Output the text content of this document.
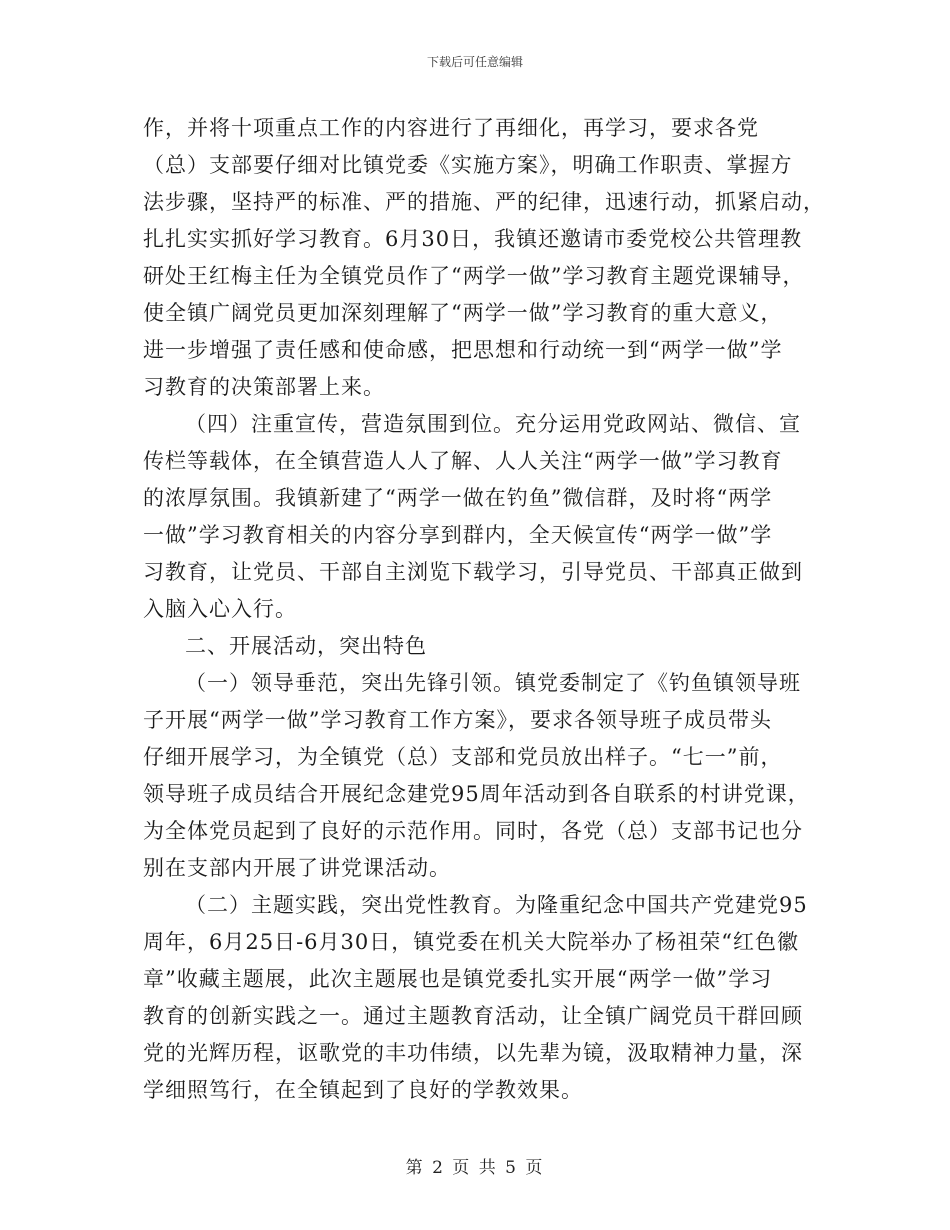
下载后可任意编辑
作，并将十项重点工作的内容进行了再细化，再学习，要求各党
（总）支部要仔细对比镇党委《实施方案》，明确工作职责、掌握方
法步骤，坚持严的标准、严的措施、严的纪律，迅速行动，抓紧启动，
扎扎实实抓好学习教育。6月30日，我镇还邀请市委党校公共管理教
研处王红梅主任为全镇党员作了“两学一做”学习教育主题党课辅导，
使全镇广阔党员更加深刻理解了“两学一做”学习教育的重大意义，
进一步增强了责任感和使命感，把思想和行动统一到“两学一做”学
习教育的决策部署上来。
（四）注重宣传，营造氛围到位。充分运用党政网站、微信、宣
传栏等载体，在全镇营造人人了解、人人关注“两学一做”学习教育
的浓厚氛围。我镇新建了“两学一做在钓鱼”微信群，及时将“两学
一做”学习教育相关的内容分享到群内，全天候宣传“两学一做”学
习教育，让党员、干部自主浏览下载学习，引导党员、干部真正做到
入脑入心入行。
二、开展活动，突出特色
（一）领导垂范，突出先锋引领。镇党委制定了《钓鱼镇领导班
子开展“两学一做”学习教育工作方案》，要求各领导班子成员带头
仔细开展学习，为全镇党（总）支部和党员放出样子。“七一”前，
领导班子成员结合开展纪念建党95周年活动到各自联系的村讲党课，
为全体党员起到了良好的示范作用。同时，各党（总）支部书记也分
别在支部内开展了讲党课活动。
（二）主题实践，突出党性教育。为隆重纪念中国共产党建党95
周年，6月25日-6月30日，镇党委在机关大院举办了杨祖荣“红色徽
章”收藏主题展，此次主题展也是镇党委扎实开展“两学一做”学习
教育的创新实践之一。通过主题教育活动，让全镇广阔党员干群回顾
党的光辉历程，讴歌党的丰功伟绩，以先辈为镜，汲取精神力量，深
学细照笃行，在全镇起到了良好的学教效果。
第 2 页 共 5 页
